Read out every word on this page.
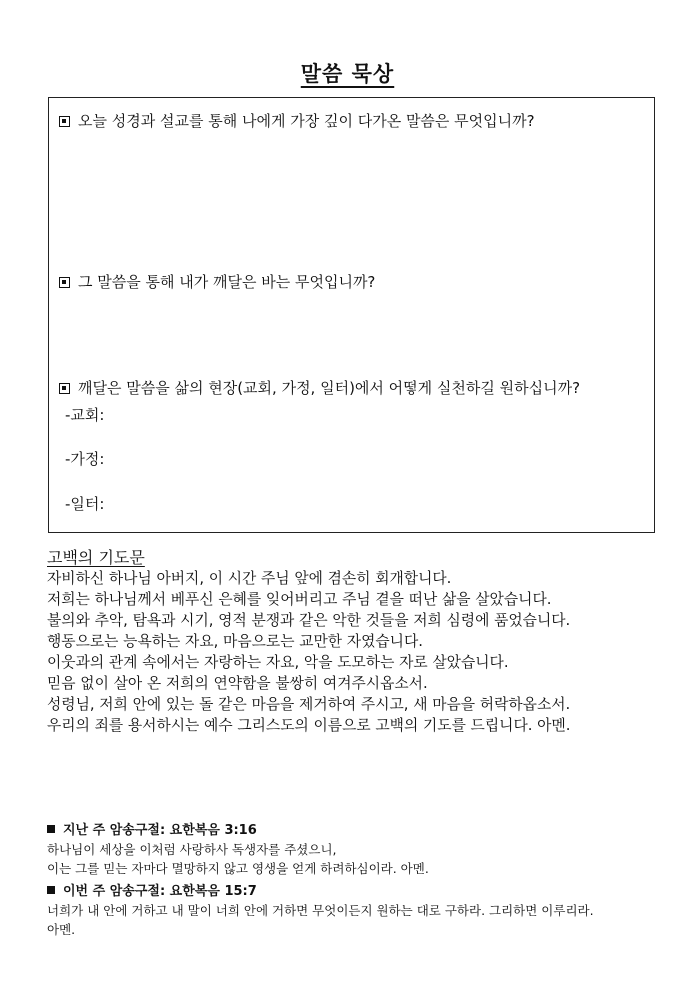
말씀 묵상
오늘 성경과 설교를 통해 나에게 가장 깊이 다가온 말씀은 무엇입니까?
그 말씀을 통해 내가 깨달은 바는 무엇입니까?
깨달은 말씀을 삶의 현장(교회, 가정, 일터)에서 어떻게 실천하길 원하십니까?
-교회:
-가정:
-일터:
고백의 기도문
자비하신 하나님 아버지, 이 시간 주님 앞에 겸손히 회개합니다.
저희는 하나님께서 베푸신 은혜를 잊어버리고 주님 곁을 떠난 삶을 살았습니다.
불의와 추악, 탐욕과 시기, 영적 분쟁과 같은 악한 것들을 저희 심령에 품었습니다.
행동으로는 능욕하는 자요, 마음으로는 교만한 자였습니다.
이웃과의 관계 속에서는 자랑하는 자요, 악을 도모하는 자로 살았습니다.
믿음 없이 살아 온 저희의 연약함을 불쌍히 여겨주시옵소서.
성령님, 저희 안에 있는 돌 같은 마음을 제거하여 주시고, 새 마음을 허락하옵소서.
우리의 죄를 용서하시는 예수 그리스도의 이름으로 고백의 기도를 드립니다. 아멘.
지난 주 암송구절: 요한복음 3:16
하나님이 세상을 이처럼 사랑하사 독생자를 주셨으니,
이는 그를 믿는 자마다 멸망하지 않고 영생을 얻게 하려하심이라. 아멘.
이번 주 암송구절: 요한복음 15:7
너희가 내 안에 거하고 내 말이 너희 안에 거하면 무엇이든지 원하는 대로 구하라. 그리하면 이루리라.
아멘.
